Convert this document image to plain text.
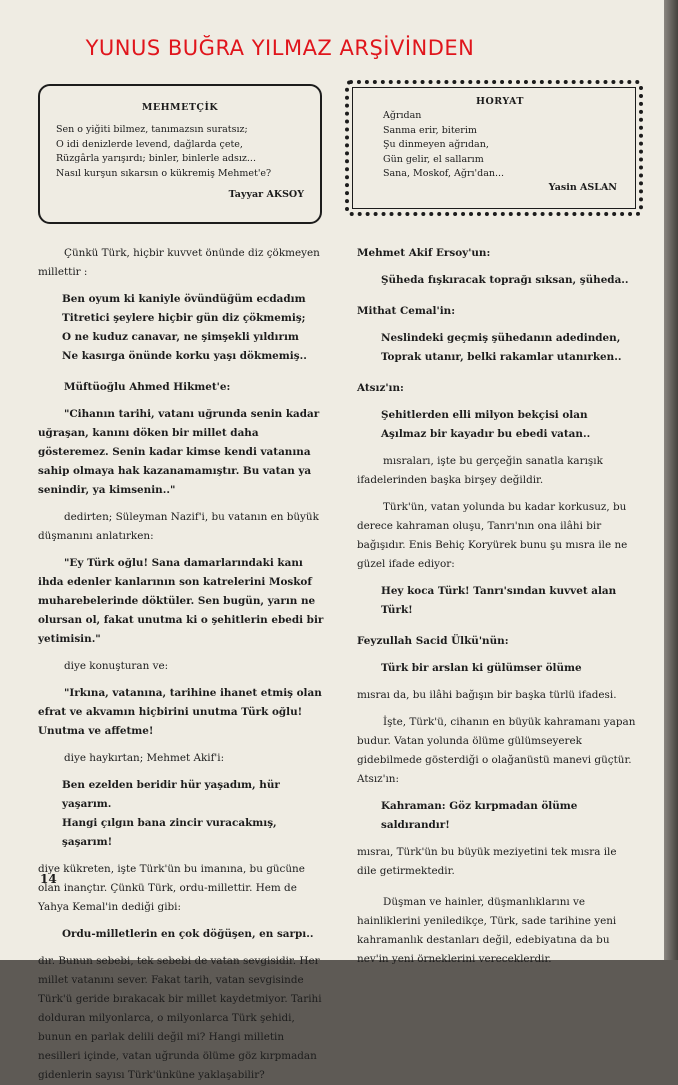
YUNUS BUĞRA YILMAZ ARŞİVİNDEN
MEHMETÇİK
Sen o yiğiti bilmez, tanımazsın suratsız;
O idi denizlerde levend, dağlarda çete,
Rüzgârla yarışırdı; binler, binlerle adsız...
Nasıl kurşun sıkarsın o kükremiş Mehmet'e?
Tayyar AKSOY
HORYAT
Ağrıdan
Sanma erir, biterim
Şu dinmeyen ağrıdan,
Gün gelir, el sallarım
Sana, Moskof, Ağrı'dan...
Yasin ASLAN

Çünkü Türk, hiçbir kuvvet önünde diz çökmeyen millettir :

Ben oyum ki kaniyle övündüğüm ecdadım

Titretici şeylere hiçbir gün diz çökmemiş;

O ne kuduz canavar, ne şimşekli yıldırım

Ne kasırga önünde korku yaşı dökmemiş..

Müftüoğlu Ahmed Hikmet'e:

"Cihanın tarihi, vatanı uğrunda senin kadar uğraşan, kanını döken bir millet daha gösteremez. Senin kadar kimse kendi vatanına sahip olmaya hak kazanamamıştır. Bu vatan ya senindir, ya kimsenin.."

dedirten; Süleyman Nazif'i, bu vatanın en büyük düşmanını anlatırken:

"Ey Türk oğlu! Sana damarlarındaki kanı ihda edenler kanlarının son katrelerini Moskof muharebelerinde döktüler. Sen bugün, yarın ne olursan ol, fakat unutma ki o şehitlerin ebedi bir yetimisin."

diye konuşturan ve:

"Irkına, vatanına, tarihine ihanet etmiş olan efrat ve akvamın hiçbirini unutma Türk oğlu! Unutma ve affetme!

diye haykırtan; Mehmet Akif'i:

Ben ezelden beridir hür yaşadım, hür yaşarım.

Hangi çılgın bana zincir vuracakmış, şaşarım!

diye kükreten, işte Türk'ün bu imanına, bu gücüne olan inançtır. Çünkü Türk, ordu-millettir. Hem de Yahya Kemal'in dediği gibi:

Ordu-milletlerin en çok döğüşen, en sarpı..

dır. Bunun sebebi, tek sebebi de vatan sevgisidir. Her millet vatanını sever. Fakat tarih, vatan sevgisinde Türk'ü geride bırakacak bir millet kaydetmiyor. Tarihi dolduran milyonlarca, o milyonlarca Türk şehidi, bunun en parlak delili değil mi? Hangi milletin nesilleri içinde, vatan uğrunda ölüme göz kırpmadan gidenlerin sayısı Türk'ünküne yaklaşabilir?

Mehmet Akif Ersoy'un:

Şüheda fışkıracak toprağı sıksan, şüheda..

Mithat Cemal'in:

Neslindeki geçmiş şühedanın adedinden,

Toprak utanır, belki rakamlar utanırken..

Atsız'ın:

Şehitlerden elli milyon bekçisi olan

Aşılmaz bir kayadır bu ebedi vatan..

mısraları, işte bu gerçeğin sanatla karışık ifadelerinden başka birşey değildir.

Türk'ün, vatan yolunda bu kadar korkusuz, bu derece kahraman oluşu, Tanrı'nın ona ilâhi bir bağışıdır. Enis Behiç Koryürek bunu şu mısra ile ne güzel ifade ediyor:

Hey koca Türk! Tanrı'sından kuvvet alan Türk!

Feyzullah Sacid Ülkü'nün:

Türk bir arslan ki gülümser ölüme

mısraı da, bu ilâhi bağışın bir başka türlü ifadesi.

İşte, Türk'ü, cihanın en büyük kahramanı yapan budur. Vatan yolunda ölüme gülümseyerek gidebilmede gösterdiği o olağanüstü manevi güçtür. Atsız'ın:

Kahraman: Göz kırpmadan ölüme saldırandır!

mısraı, Türk'ün bu büyük meziyetini tek mısra ile dile getirmektedir.

Düşman ve hainler, düşmanlıklarını ve hainliklerini yeniledikçe, Türk, sade tarihine yeni kahramanlık destanları değil, edebiyatına da bu nev'in yeni örneklerini vereceklerdir.

14
